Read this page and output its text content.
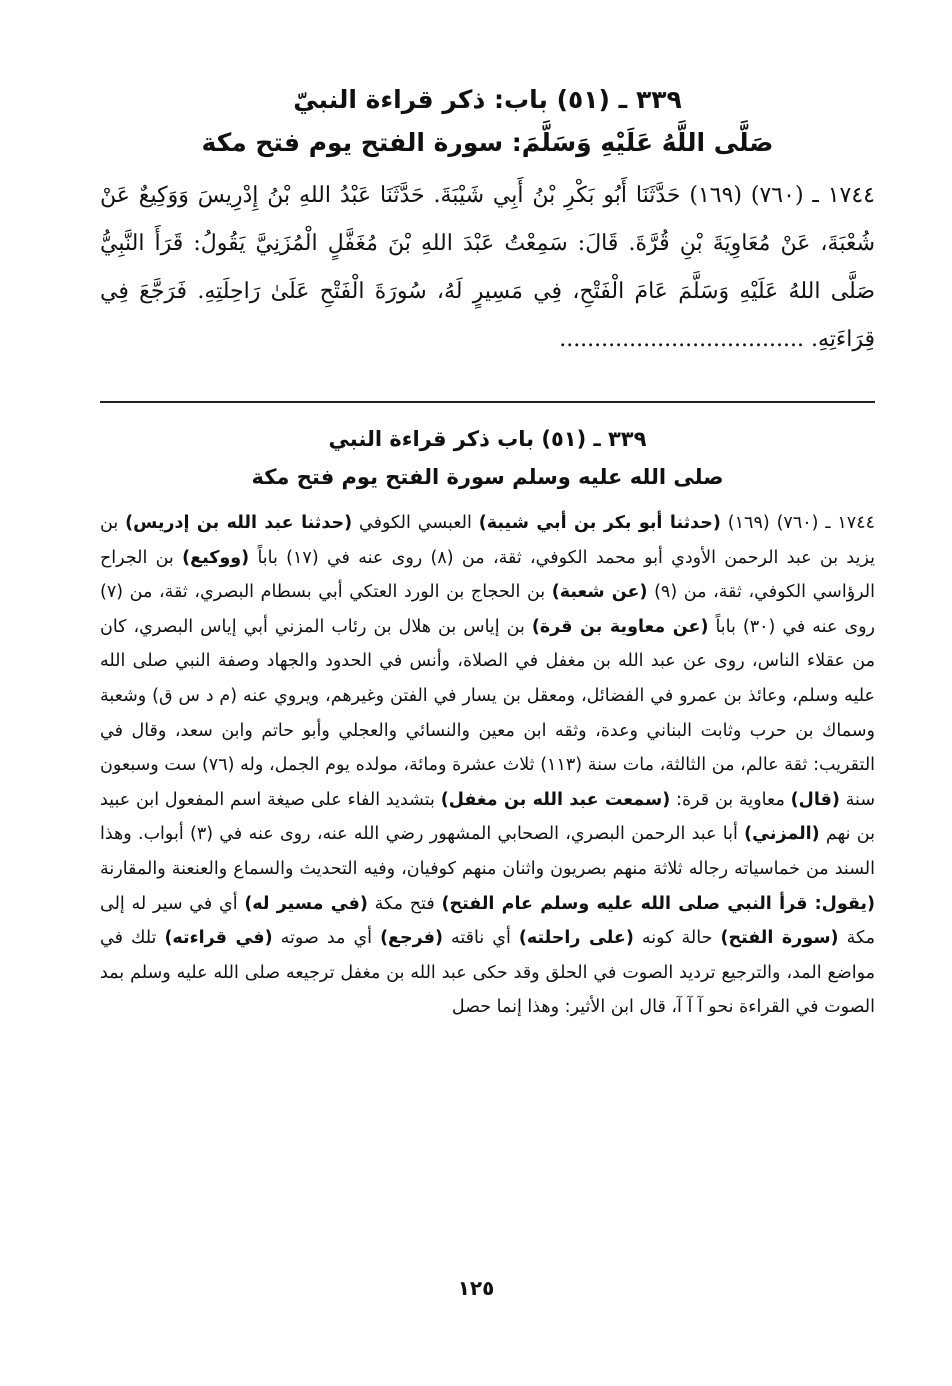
٣٣٩ ـ (٥١) باب: ذكر قراءة النبيّ
صَلَّى اللَّهُ عَلَيْهِ وَسَلَّمَ: سورة الفتح يوم فتح مكة

١٧٤٤ ـ (٧٦٠) (١٦٩) حَدَّثَنَا أَبُو بَكْرِ بْنُ أَبِي شَيْبَةَ. حَدَّثَنَا عَبْدُ اللهِ بْنُ إِدْرِيسَ وَوَكِيعٌ عَنْ شُعْبَةَ، عَنْ مُعَاوِيَةَ بْنِ قُرَّةَ. قَالَ: سَمِعْتُ عَبْدَ اللهِ بْنَ مُغَفَّلٍ الْمُزَنِيَّ يَقُولُ: قَرَأَ النَّبِيُّ صَلَّى اللهُ عَلَيْهِ وَسَلَّمَ عَامَ الْفَتْحِ، فِي مَسِيرٍ لَهُ، سُورَةَ الْفَتْحِ عَلَىٰ رَاحِلَتِهِ. فَرَجَّعَ فِي قِرَاءَتِهِ. ...................................

٣٣٩ ـ (٥١) باب ذكر قراءة النبي
صلى الله عليه وسلم سورة الفتح يوم فتح مكة

١٧٤٤ ـ (٧٦٠) (١٦٩) (حدثنا أبو بكر بن أبي شيبة) العبسي الكوفي (حدثنا عبد الله بن إدريس) بن يزيد بن عبد الرحمن الأودي أبو محمد الكوفي، ثقة، من (٨) روى عنه في (١٧) باباً (ووكيع) بن الجراح الرؤاسي الكوفي، ثقة، من (٩) (عن شعبة) بن الحجاج بن الورد العتكي أبي بسطام البصري، ثقة، من (٧) روى عنه في (٣٠) باباً (عن معاوية بن قرة) بن إياس بن هلال بن رئاب المزني أبي إياس البصري، كان من عقلاء الناس، روى عن عبد الله بن مغفل في الصلاة، وأنس في الحدود والجهاد وصفة النبي صلى الله عليه وسلم، وعائذ بن عمرو في الفضائل، ومعقل بن يسار في الفتن وغيرهم، ويروي عنه (م د س ق) وشعبة وسماك بن حرب وثابت البناني وعدة، وثقه ابن معين والنسائي والعجلي وأبو حاتم وابن سعد، وقال في التقريب: ثقة عالم، من الثالثة، مات سنة (١١٣) ثلاث عشرة ومائة، مولده يوم الجمل، وله (٧٦) ست وسبعون سنة (قال) معاوية بن قرة: (سمعت عبد الله بن مغفل) بتشديد الفاء على صيغة اسم المفعول ابن عبيد بن نهم (المزني) أبا عبد الرحمن البصري، الصحابي المشهور رضي الله عنه، روى عنه في (٣) أبواب. وهذا السند من خماسياته رجاله ثلاثة منهم بصريون واثنان منهم كوفيان، وفيه التحديث والسماع والعنعنة والمقارنة (يقول: قرأ النبي صلى الله عليه وسلم عام الفتح) فتح مكة (في مسير له) أي في سير له إلى مكة (سورة الفتح) حالة كونه (على راحلته) أي ناقته (فرجع) أي مد صوته (في قراءته) تلك في مواضع المد، والترجيع ترديد الصوت في الحلق وقد حكى عبد الله بن مغفل ترجيعه صلى الله عليه وسلم بمد الصوت في القراءة نحو آ آ آ، قال ابن الأثير: وهذا إنما حصل

١٢٥
